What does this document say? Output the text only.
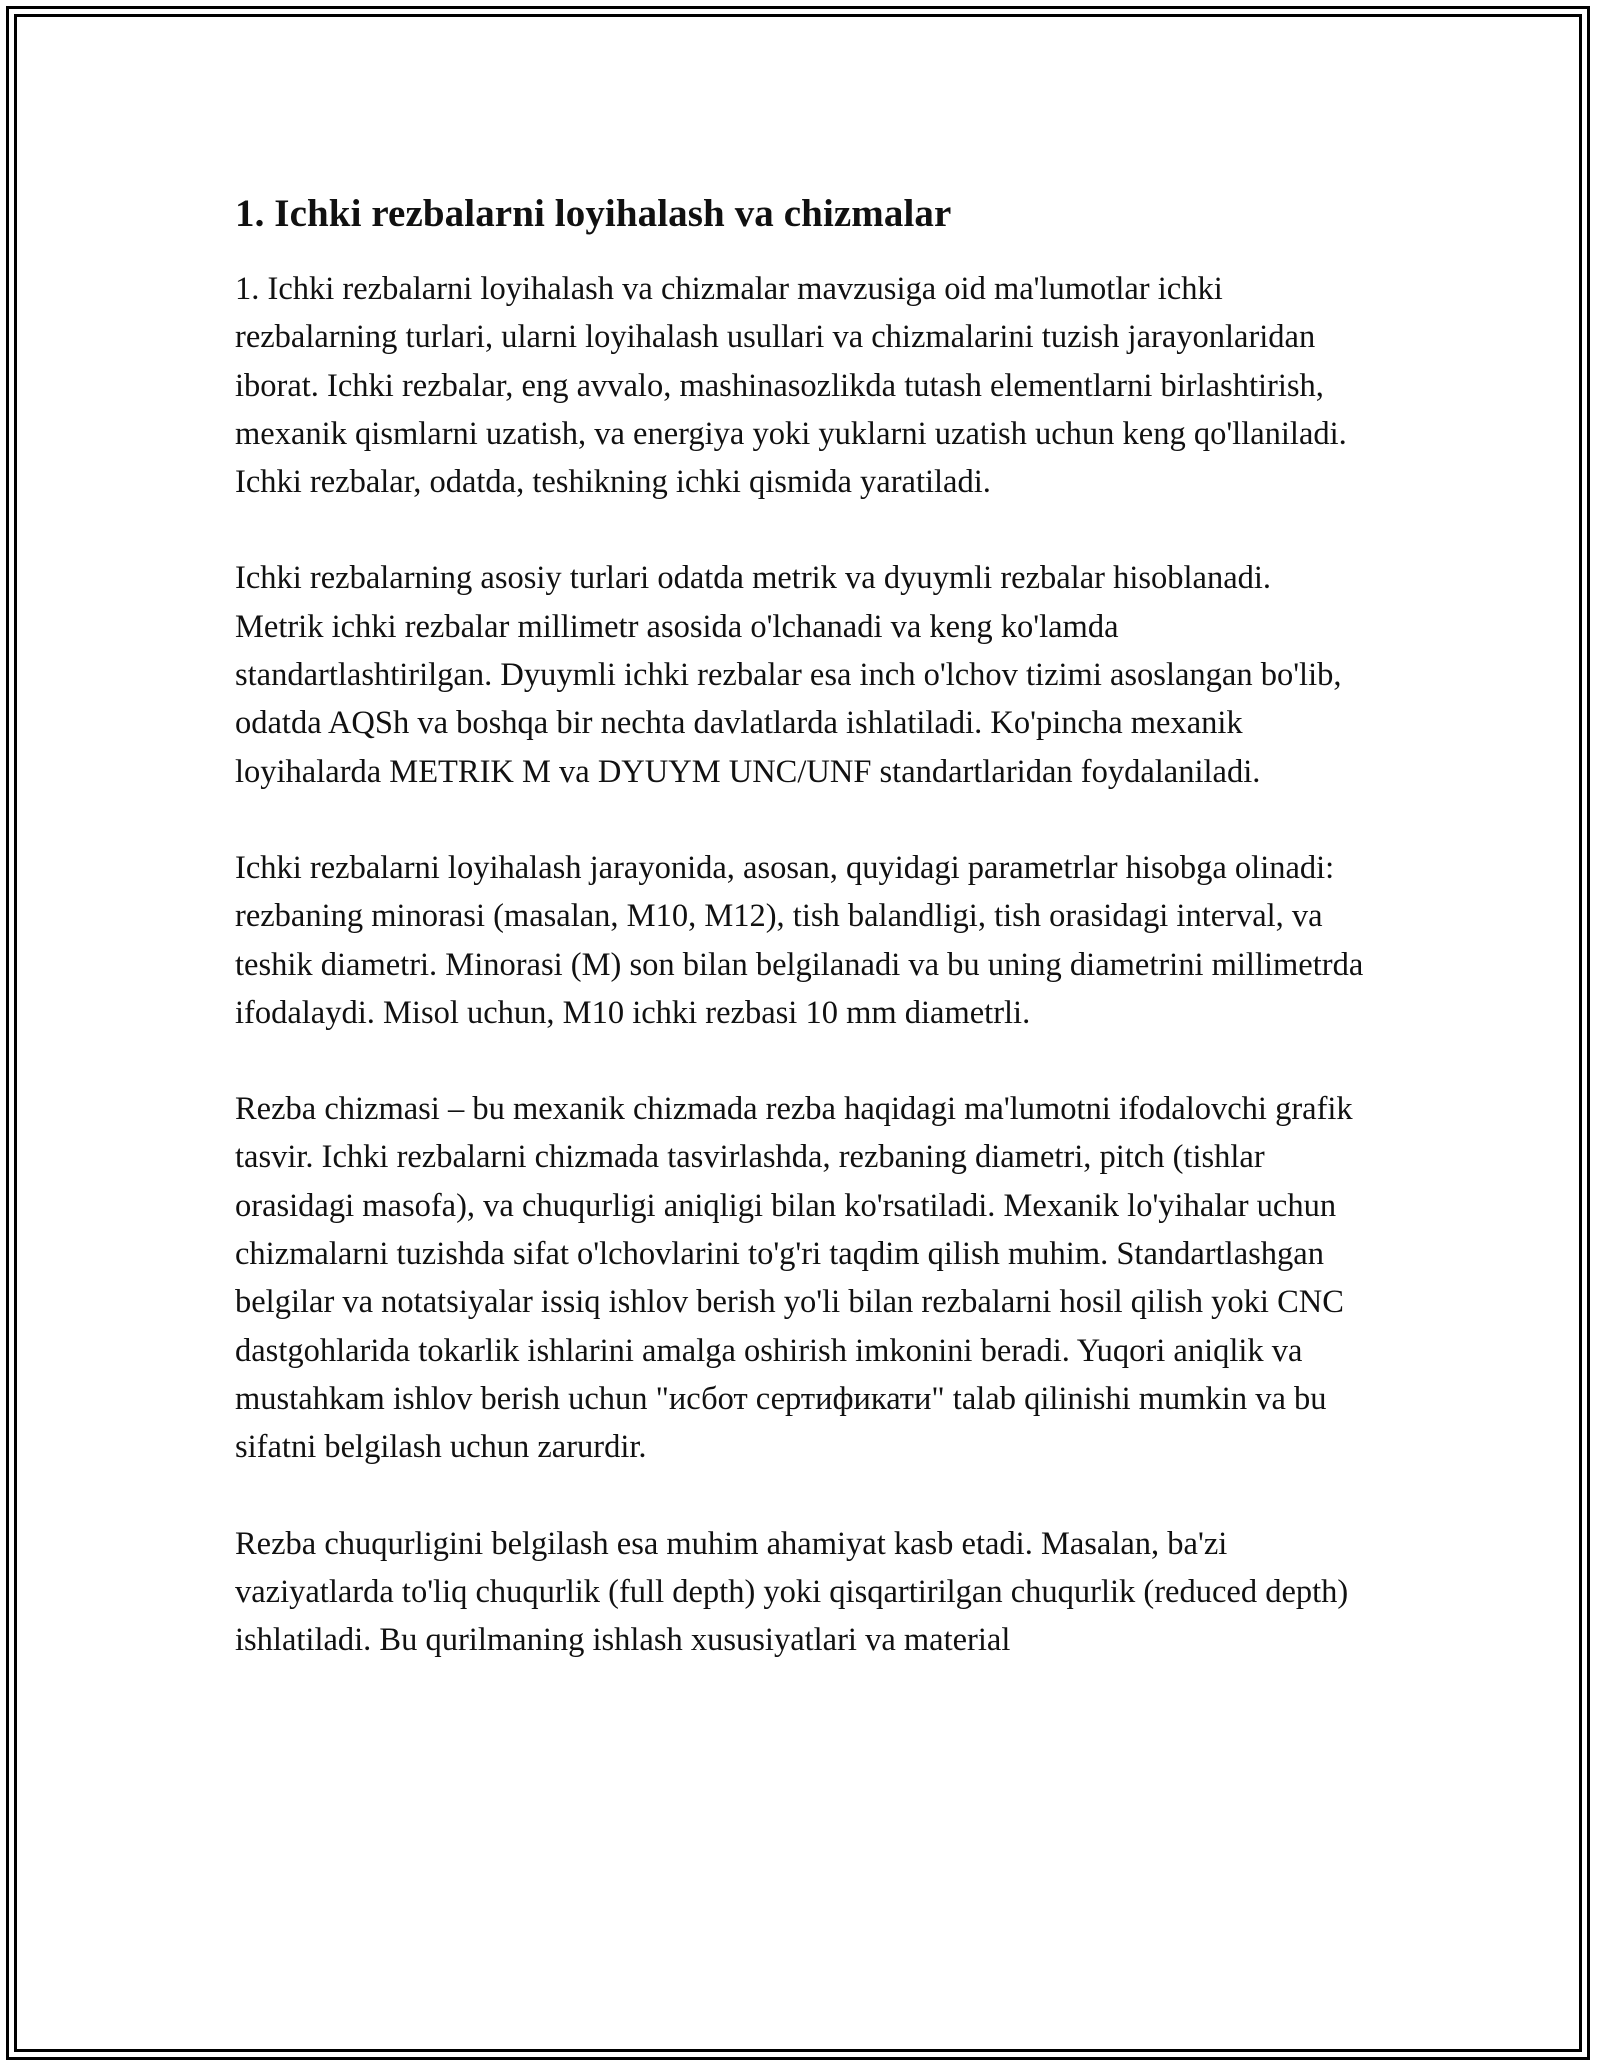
1. Ichki rezbalarni loyihalash va chizmalar

1. Ichki rezbalarni loyihalash va chizmalar mavzusiga oid ma'lumotlar ichki rezbalarning turlari, ularni loyihalash usullari va chizmalarini tuzish jarayonlaridan iborat. Ichki rezbalar, eng avvalo, mashinasozlikda tutash elementlarni birlashtirish, mexanik qismlarni uzatish, va energiya yoki yuklarni uzatish uchun keng qo'llaniladi. Ichki rezbalar, odatda, teshikning ichki qismida yaratiladi.

Ichki rezbalarning asosiy turlari odatda metrik va dyuymli rezbalar hisoblanadi. Metrik ichki rezbalar millimetr asosida o'lchanadi va keng ko'lamda standartlashtirilgan. Dyuymli ichki rezbalar esa inch o'lchov tizimi asoslangan bo'lib, odatda AQSh va boshqa bir nechta davlatlarda ishlatiladi. Ko'pincha mexanik loyihalarda METRIK M va DYUYM UNC/UNF standartlaridan foydalaniladi.

Ichki rezbalarni loyihalash jarayonida, asosan, quyidagi parametrlar hisobga olinadi: rezbaning minorasi (masalan, M10, M12), tish balandligi, tish orasidagi interval, va teshik diametri. Minorasi (M) son bilan belgilanadi va bu uning diametrini millimetrda ifodalaydi. Misol uchun, M10 ichki rezbasi 10 mm diametrli.

Rezba chizmasi – bu mexanik chizmada rezba haqidagi ma'lumotni ifodalovchi grafik tasvir. Ichki rezbalarni chizmada tasvirlashda, rezbaning diametri, pitch (tishlar orasidagi masofa), va chuqurligi aniqligi bilan ko'rsatiladi. Mexanik lo'yihalar uchun chizmalarni tuzishda sifat o'lchovlarini to'g'ri taqdim qilish muhim. Standartlashgan belgilar va notatsiyalar issiq ishlov berish yo'li bilan rezbalarni hosil qilish yoki CNC dastgohlarida tokarlik ishlarini amalga oshirish imkonini beradi. Yuqori aniqlik va mustahkam ishlov berish uchun "исбот сертификати" talab qilinishi mumkin va bu sifatni belgilash uchun zarurdir.

Rezba chuqurligini belgilash esa muhim ahamiyat kasb etadi. Masalan, ba'zi vaziyatlarda to'liq chuqurlik (full depth) yoki qisqartirilgan chuqurlik (reduced depth) ishlatiladi. Bu qurilmaning ishlash xususiyatlari va material
